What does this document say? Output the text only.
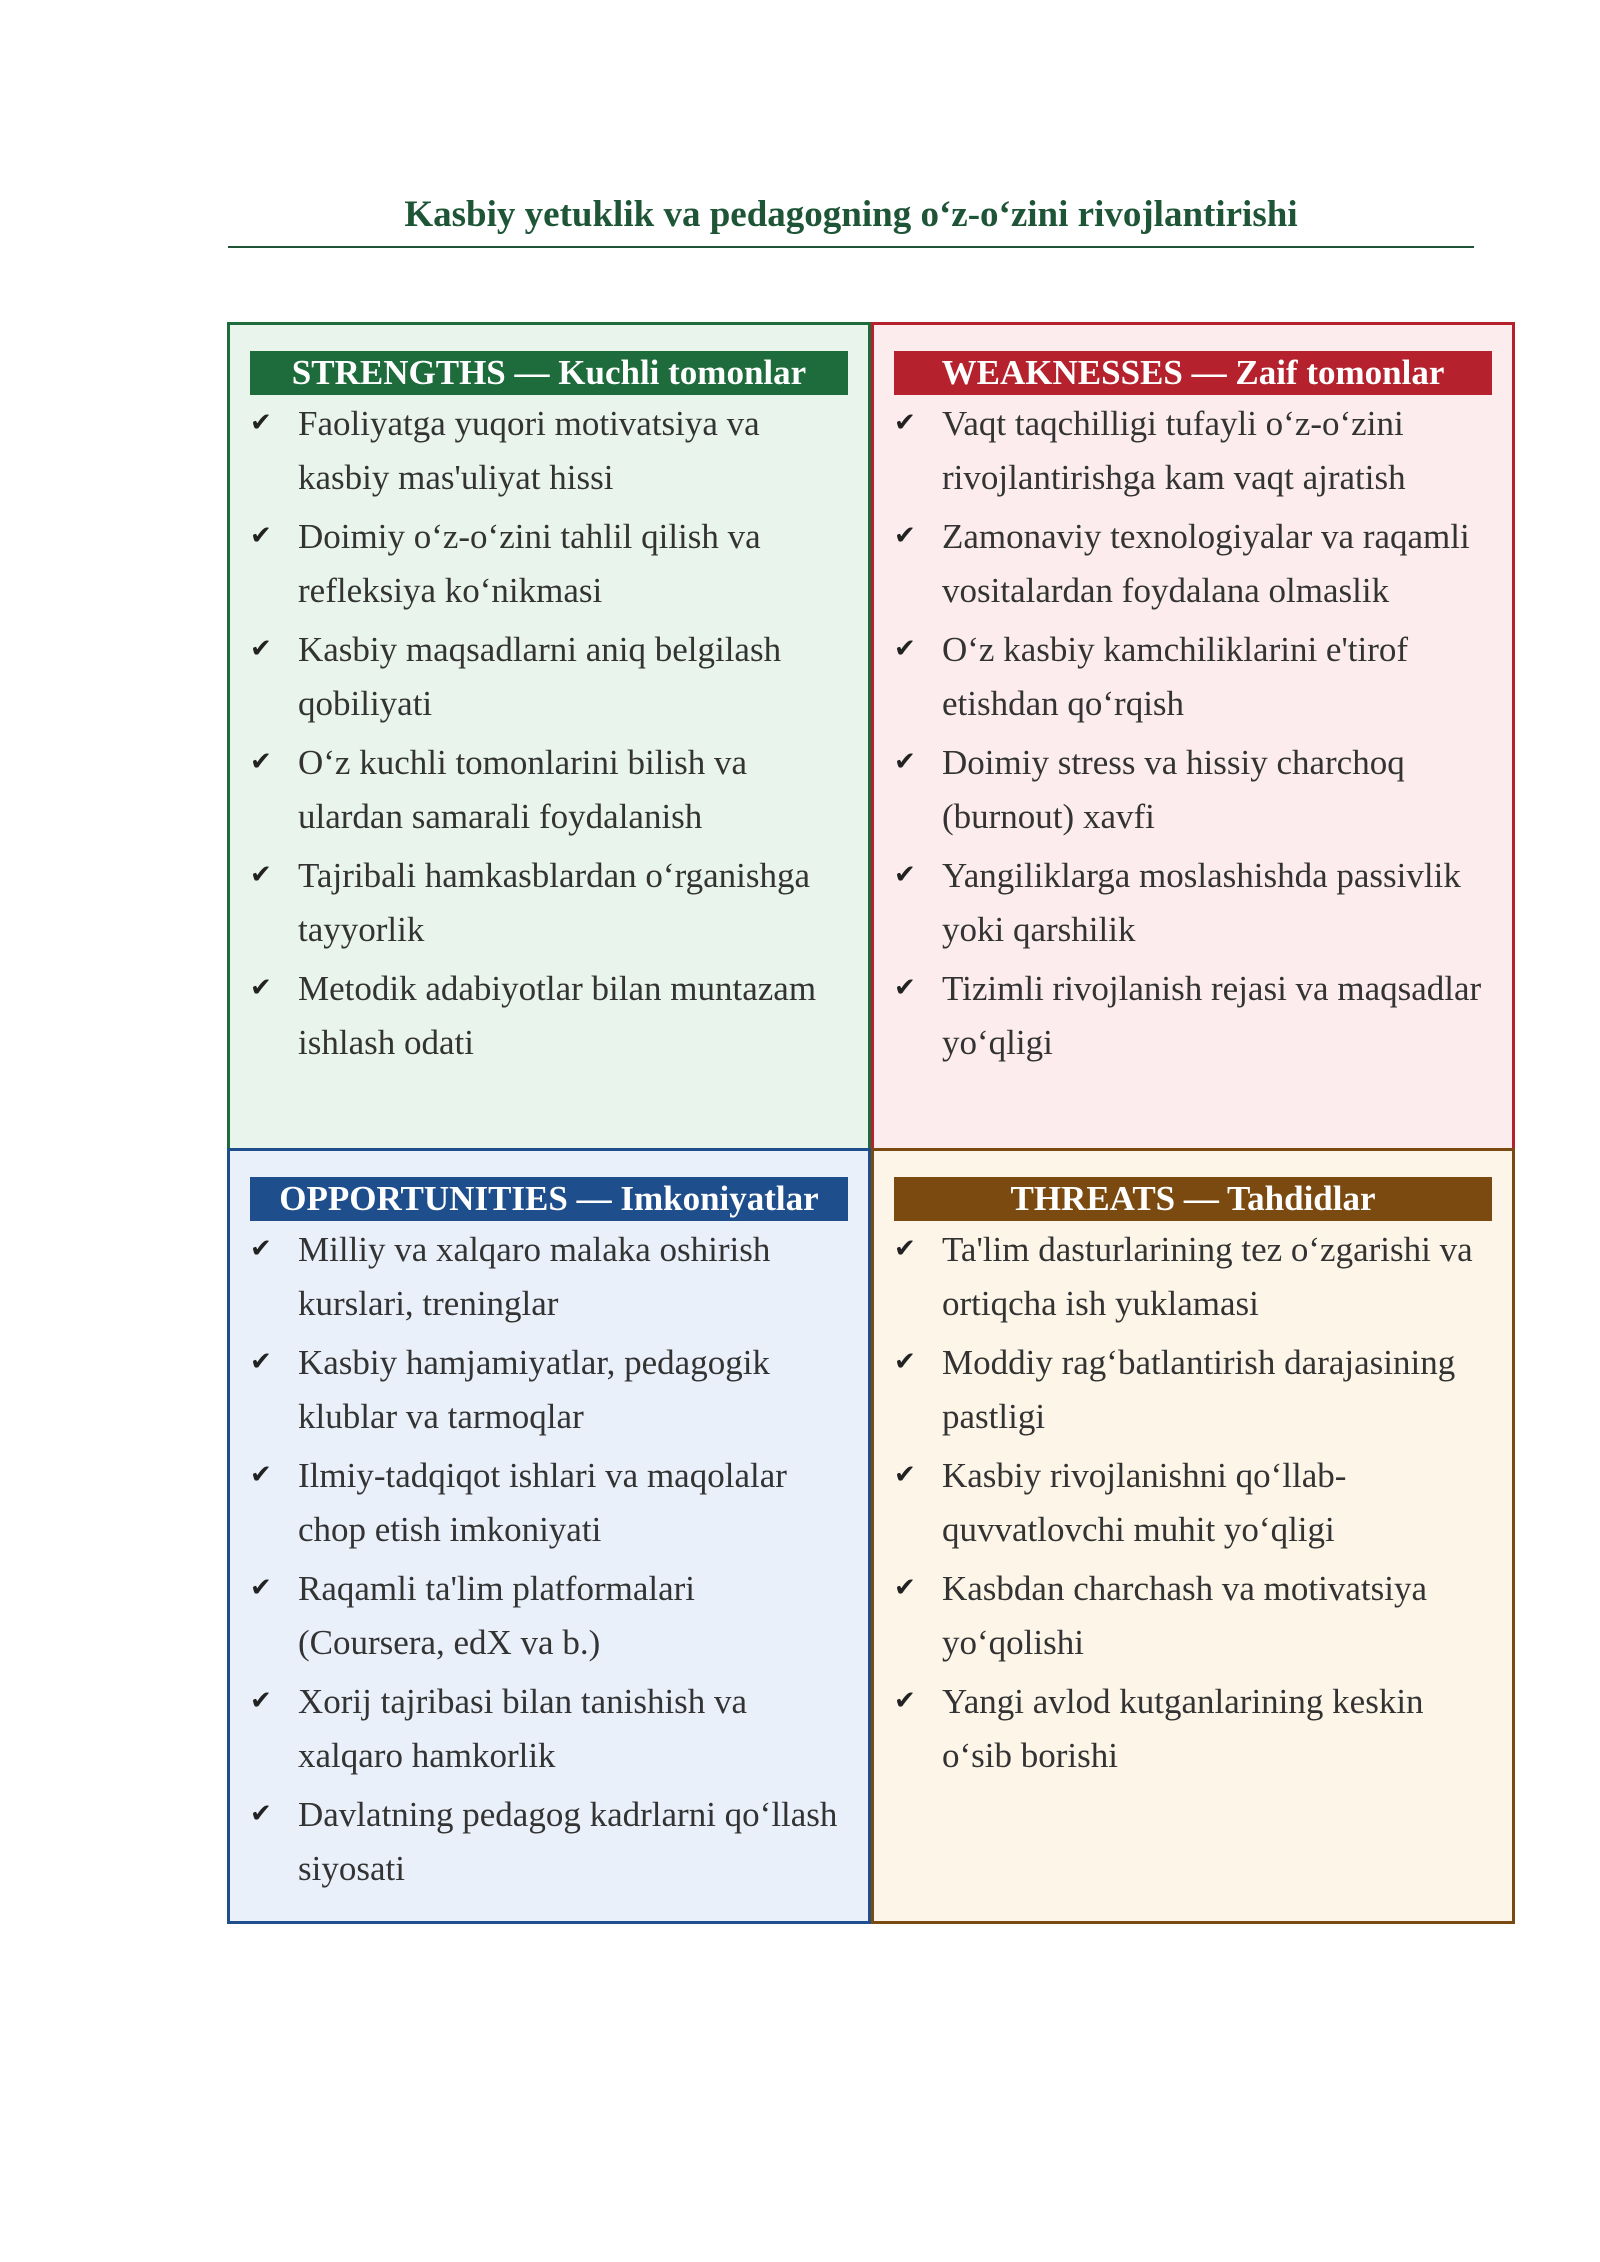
Kasbiy yetuklik va pedagogning o‘z-o‘zini rivojlantirishi
STRENGTHS — Kuchli tomonlar
✔ Faoliyatga yuqori motivatsiya va kasbiy mas'uliyat hissi
✔ Doimiy o‘z-o‘zini tahlil qilish va refleksiya ko‘nikmasi
✔ Kasbiy maqsadlarni aniq belgilash qobiliyati
✔ O‘z kuchli tomonlarini bilish va ulardan samarali foydalanish
✔ Tajribali hamkasblardan o‘rganishga tayyorlik
✔ Metodik adabiyotlar bilan muntazam ishlash odati
WEAKNESSES — Zaif tomonlar
✔ Vaqt taqchilligi tufayli o‘z-o‘zini rivojlantirishga kam vaqt ajratish
✔ Zamonaviy texnologiyalar va raqamli vositalardan foydalana olmaslik
✔ O‘z kasbiy kamchiliklarini e'tirof etishdan qo‘rqish
✔ Doimiy stress va hissiy charchoq (burnout) xavfi
✔ Yangiliklarga moslashishda passivlik yoki qarshilik
✔ Tizimli rivojlanish rejasi va maqsadlar yo‘qligi
OPPORTUNITIES — Imkoniyatlar
✔ Milliy va xalqaro malaka oshirish kurslari, treninglar
✔ Kasbiy hamjamiyatlar, pedagogik klublar va tarmoqlar
✔ Ilmiy-tadqiqot ishlari va maqolalar chop etish imkoniyati
✔ Raqamli ta'lim platformalari (Coursera, edX va b.)
✔ Xorij tajribasi bilan tanishish va xalqaro hamkorlik
✔ Davlatning pedagog kadrlarni qo‘llash siyosati
THREATS — Tahdidlar
✔ Ta'lim dasturlarining tez o‘zgarishi va ortiqcha ish yuklamasi
✔ Moddiy rag‘batlantirish darajasining pastligi
✔ Kasbiy rivojlanishni qo‘llab-quvvatlovchi muhit yo‘qligi
✔ Kasbdan charchash va motivatsiya yo‘qolishi
✔ Yangi avlod kutganlarining keskin o‘sib borishi
